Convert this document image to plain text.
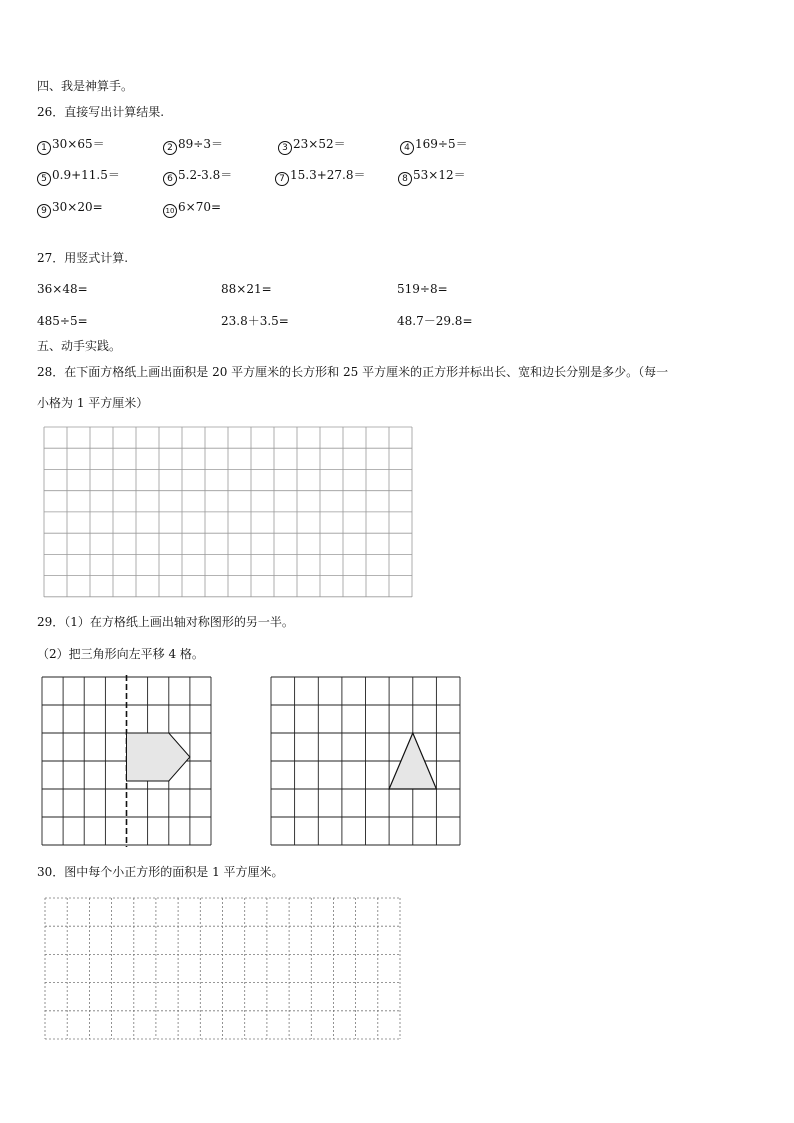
四、我是神算手。
26．直接写出计算结果.
1 30×65＝	2 89÷3＝	3 23×52＝	4 169÷5＝
5 0.9+11.5＝	6 5.2-3.8＝	7 15.3+27.8＝	8 53×12＝
9 30×20=	10 6×70=
27．用竖式计算.
36×48=	88×21=	519÷8=
485÷5=	23.8＋3.5=	48.7－29.8=
五、动手实践。
28．在下面方格纸上画出面积是 20 平方厘米的长方形和 25 平方厘米的正方形并标出长、宽和边长分别是多少。（每一
小格为 1 平方厘米）
29．（1）在方格纸上画出轴对称图形的另一半。
（2）把三角形向左平移 4 格。
30．图中每个小正方形的面积是 1 平方厘米。
